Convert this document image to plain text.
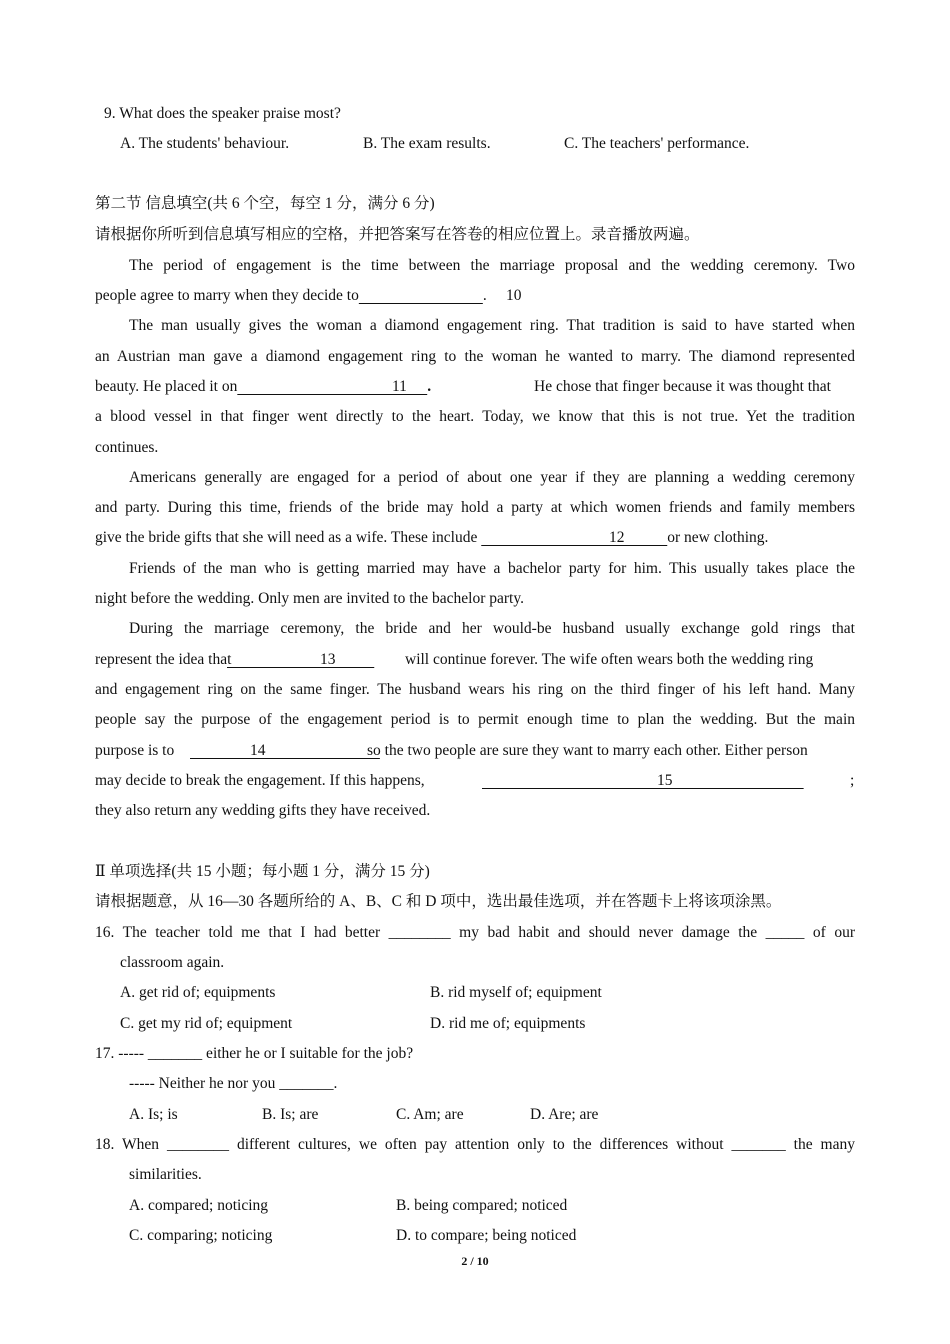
9. What does the speaker praise most?
A. The students' behaviour.	B. The exam results.	C. The teachers' performance.
第二节 信息填空(共 6 个空，每空 1 分，满分 6 分)
请根据你所听到信息填写相应的空格，并把答案写在答卷的相应位置上。录音播放两遍。
The period of engagement is the time between the marriage proposal and the wedding ceremony. Two
people agree to marry when they decide to	. 10
The man usually gives the woman a diamond engagement ring. That tradition is said to have started when
an Austrian man gave a diamond engagement ring to the woman he wanted to marry. The diamond represented
beauty. He placed it on	.
11	He chose that finger because it was thought that
a blood vessel in that finger went directly to the heart. Today, we know that this is not true. Yet the tradition
continues.
Americans generally are engaged for a period of about one year if they are planning a wedding ceremony
and party. During this time, friends of the bride may hold a party at which women friends and family members
give the bride gifts that she will need as a wife. These include	or new clothing.
12
Friends of the man who is getting married may have a bachelor party for him. This usually takes place the
night before the wedding. Only men are invited to the bachelor party.
During the marriage ceremony, the bride and her would-be husband usually exchange gold rings that
represent the idea that
	13	will continue forever. The wife often wears both the wedding ring
and engagement ring on the same finger. The husband wears his ring on the third finger of his left hand. Many
people say the purpose of the engagement period is to permit enough time to plan the wedding. But the main
purpose is to
	14	so the two people are sure they want to marry each other. Either person
may decide to break the engagement. If this happens,
	15	;
they also return any wedding gifts they have received.
Ⅱ 单项选择(共 15 小题；每小题 1 分，满分 15 分)
请根据题意，从 16—30 各题所给的 A、B、C 和 D 项中，选出最佳选项，并在答题卡上将该项涂黑。
16. The teacher told me that I had better ________ my bad habit and should never damage the _____ of our
classroom again.
A. get rid of; equipments	B. rid myself of; equipment
C. get my rid of; equipment	D. rid me of; equipments
17. ----- _______ either he or I suitable for the job?
----- Neither he nor you _______.
A. Is; is	B. Is; are	C. Am; are	D. Are; are
18. When ________ different cultures, we often pay attention only to the differences without _______ the many
similarities.
A. compared; noticing	B. being compared; noticed
C. comparing; noticing	D. to compare; being noticed
2 / 10
